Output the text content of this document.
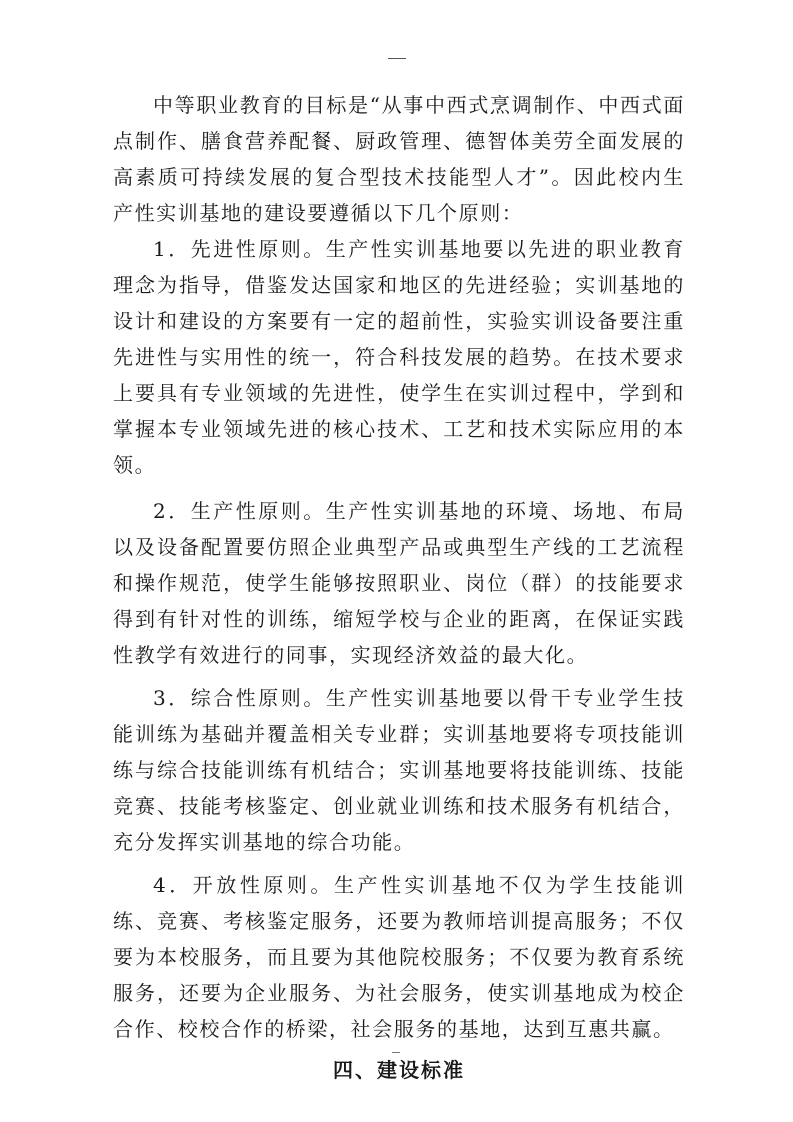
中等职业教育的目标是“从事中西式烹调制作、中西式面点制作、膳食营养配餐、厨政管理、德智体美劳全面发展的高素质可持续发展的复合型技术技能型人才”。因此校内生产性实训基地的建设要遵循以下几个原则：

1．先进性原则。生产性实训基地要以先进的职业教育理念为指导，借鉴发达国家和地区的先进经验；实训基地的设计和建设的方案要有一定的超前性，实验实训设备要注重先进性与实用性的统一，符合科技发展的趋势。在技术要求上要具有专业领域的先进性，使学生在实训过程中，学到和掌握本专业领域先进的核心技术、工艺和技术实际应用的本领。

2．生产性原则。生产性实训基地的环境、场地、布局以及设备配置要仿照企业典型产品或典型生产线的工艺流程和操作规范，使学生能够按照职业、岗位（群）的技能要求得到有针对性的训练，缩短学校与企业的距离，在保证实践性教学有效进行的同事，实现经济效益的最大化。

3．综合性原则。生产性实训基地要以骨干专业学生技能训练为基础并覆盖相关专业群；实训基地要将专项技能训练与综合技能训练有机结合；实训基地要将技能训练、技能竞赛、技能考核鉴定、创业就业训练和技术服务有机结合，充分发挥实训基地的综合功能。

4．开放性原则。生产性实训基地不仅为学生技能训练、竞赛、考核鉴定服务，还要为教师培训提高服务；不仅要为本校服务，而且要为其他院校服务；不仅要为教育系统服务，还要为企业服务、为社会服务，使实训基地成为校企合作、校校合作的桥梁，社会服务的基地，达到互惠共赢。

四、建设标准
